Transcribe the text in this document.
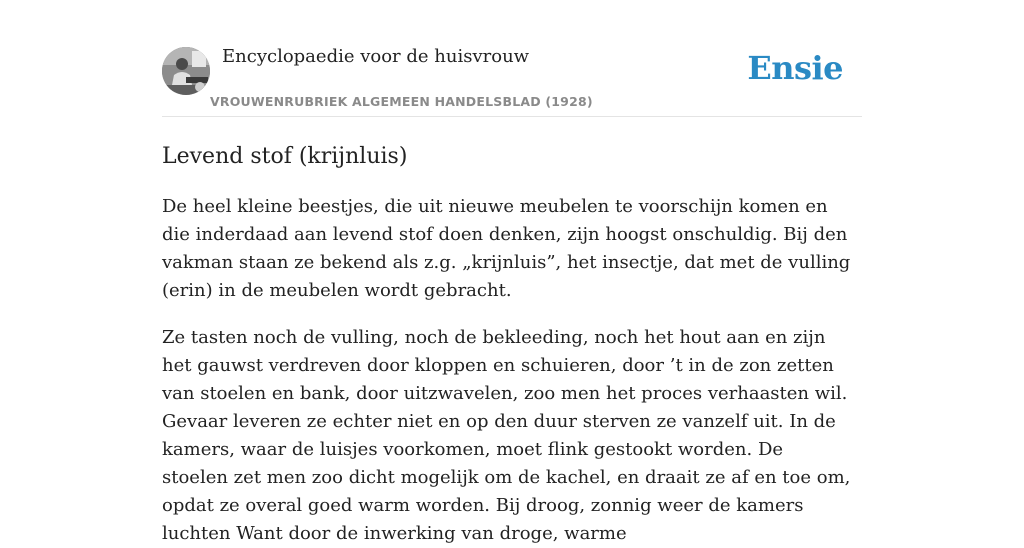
Encyclopaedie voor de huisvrouw
VROUWENRUBRIEK ALGEMEEN HANDELSBLAD (1928)
Ensie
Levend stof (krijnluis)

De heel kleine beestjes, die uit nieuwe meubelen te voorschijn komen en die inderdaad aan levend stof doen denken, zijn hoogst onschuldig. Bij den vakman staan ze bekend als z.g. „krijnluis”, het insectje, dat met de vulling (erin) in de meubelen wordt gebracht.

Ze tasten noch de vulling, noch de bekleeding, noch het hout aan en zijn het gauwst verdreven door kloppen en schuieren, door ’t in de zon zetten van stoelen en bank, door uitzwavelen, zoo men het proces verhaasten wil. Gevaar leveren ze echter niet en op den duur sterven ze vanzelf uit. In de kamers, waar de luisjes voorkomen, moet flink gestookt worden. De stoelen zet men zoo dicht mogelijk om de kachel, en draait ze af en toe om, opdat ze overal goed warm worden. Bij droog, zonnig weer de kamers luchten Want door de inwerking van droge, warme
